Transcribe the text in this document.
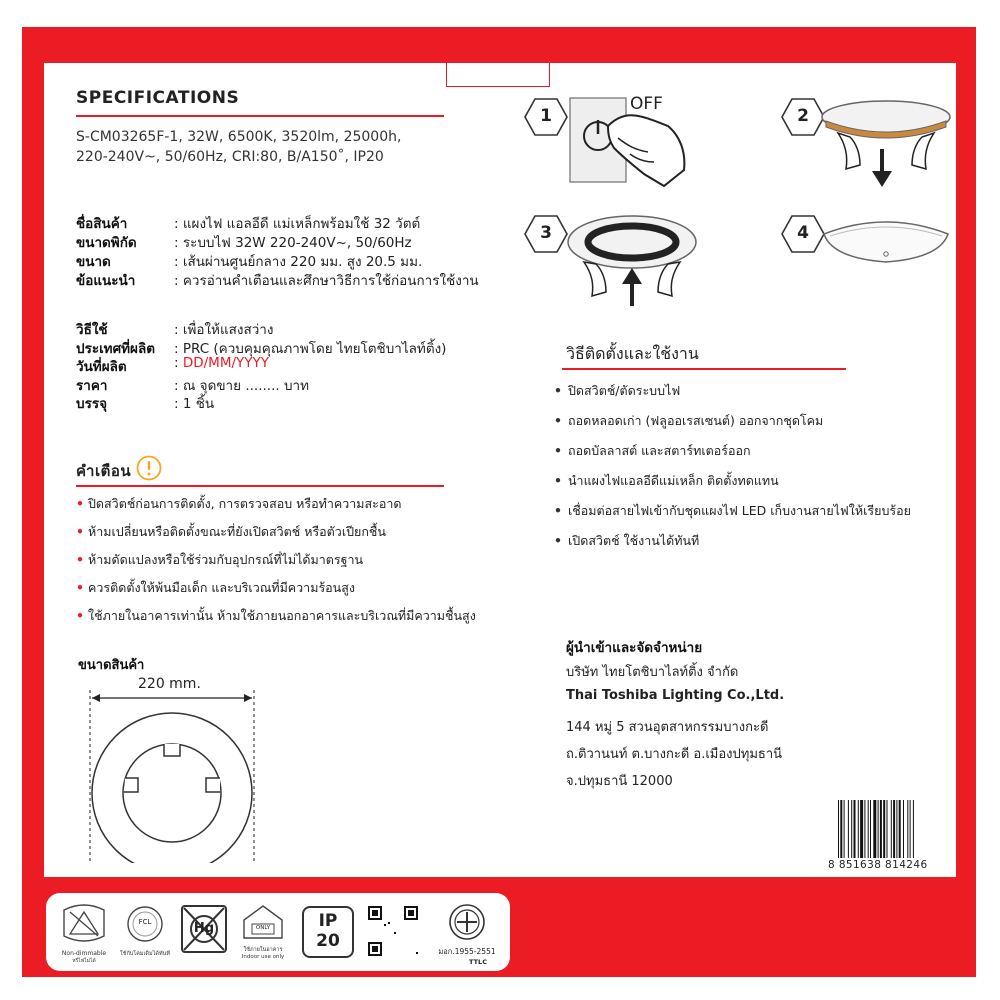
SPECIFICATIONS
S-CM03265F-1, 32W, 6500K, 3520lm, 25000h,
220-240V~, 50/60Hz, CRI:80, B/A150˚, IP20
ชื่อสินค้า	: แผงไฟ แอลอีดี แม่เหล็กพร้อมใช้ 32 วัตต์
ขนาดพิกัด	: ระบบไฟ 32W 220-240V~, 50/60Hz
ขนาด	: เส้นผ่านศูนย์กลาง 220 มม. สูง 20.5 มม.
ข้อแนะนำ	: ควรอ่านคำเตือนและศึกษาวิธีการใช้ก่อนการใช้งาน
วิธีใช้	: เพื่อให้แสงสว่าง
ประเทศที่ผลิต : PRC (ควบคุมคุณภาพโดย ไทยโตชิบาไลท์ติ้ง)
วันที่ผลิต	: DD/MM/YYYY
ราคา	: ณ จุดขาย ........ บาท
บรรจุ	: 1 ชิ้น
คำเตือน
• ปิดสวิตช์ก่อนการติดตั้ง, การตรวจสอบ หรือทำความสะอาด
• ห้ามเปลี่ยนหรือติดตั้งขณะที่ยังเปิดสวิตช์ หรือตัวเปียกชื้น
• ห้ามดัดแปลงหรือใช้ร่วมกับอุปกรณ์ที่ไม่ได้มาตรฐาน
• ควรติดตั้งให้พ้นมือเด็ก และบริเวณที่มีความร้อนสูง
• ใช้ภายในอาคารเท่านั้น ห้ามใช้ภายนอกอาคารและบริเวณที่มีความชื้นสูง
ขนาดสินค้า
220 mm.
1
OFF
2
3	4
วิธีติดตั้งและใช้งาน
• ปิดสวิตช์/ตัดระบบไฟ
• ถอดหลอดเก่า (ฟลูออเรสเซนต์) ออกจากชุดโคม
• ถอดบัลลาสต์ และสตาร์ทเตอร์ออก
• นำแผงไฟแอลอีดีแม่เหล็ก ติดตั้งทดแทน
• เชื่อมต่อสายไฟเข้ากับชุดแผงไฟ LED เก็บงานสายไฟให้เรียบร้อย
• เปิดสวิตช์ ใช้งานได้ทันที
ผู้นำเข้าและจัดจำหน่าย
บริษัท ไทยโตชิบาไลท์ติ้ง จำกัด
Thai Toshiba Lighting Co.,Ltd.
144 หมู่ 5 สวนอุตสาหกรรมบางกะดี
ถ.ติวานนท์ ต.บางกะดี อ.เมืองปทุมธานี
จ.ปทุมธานี 12000
8 851638 814246
Non-dimmable
หรี่ไฟไม่ได้
FCL
ใช้กับโคมเดิมได้ทันที
Hg	ONLY
ใช้ภายในอาคาร
Indoor use only
IP
20
มอก.1955-2551
TTLC
